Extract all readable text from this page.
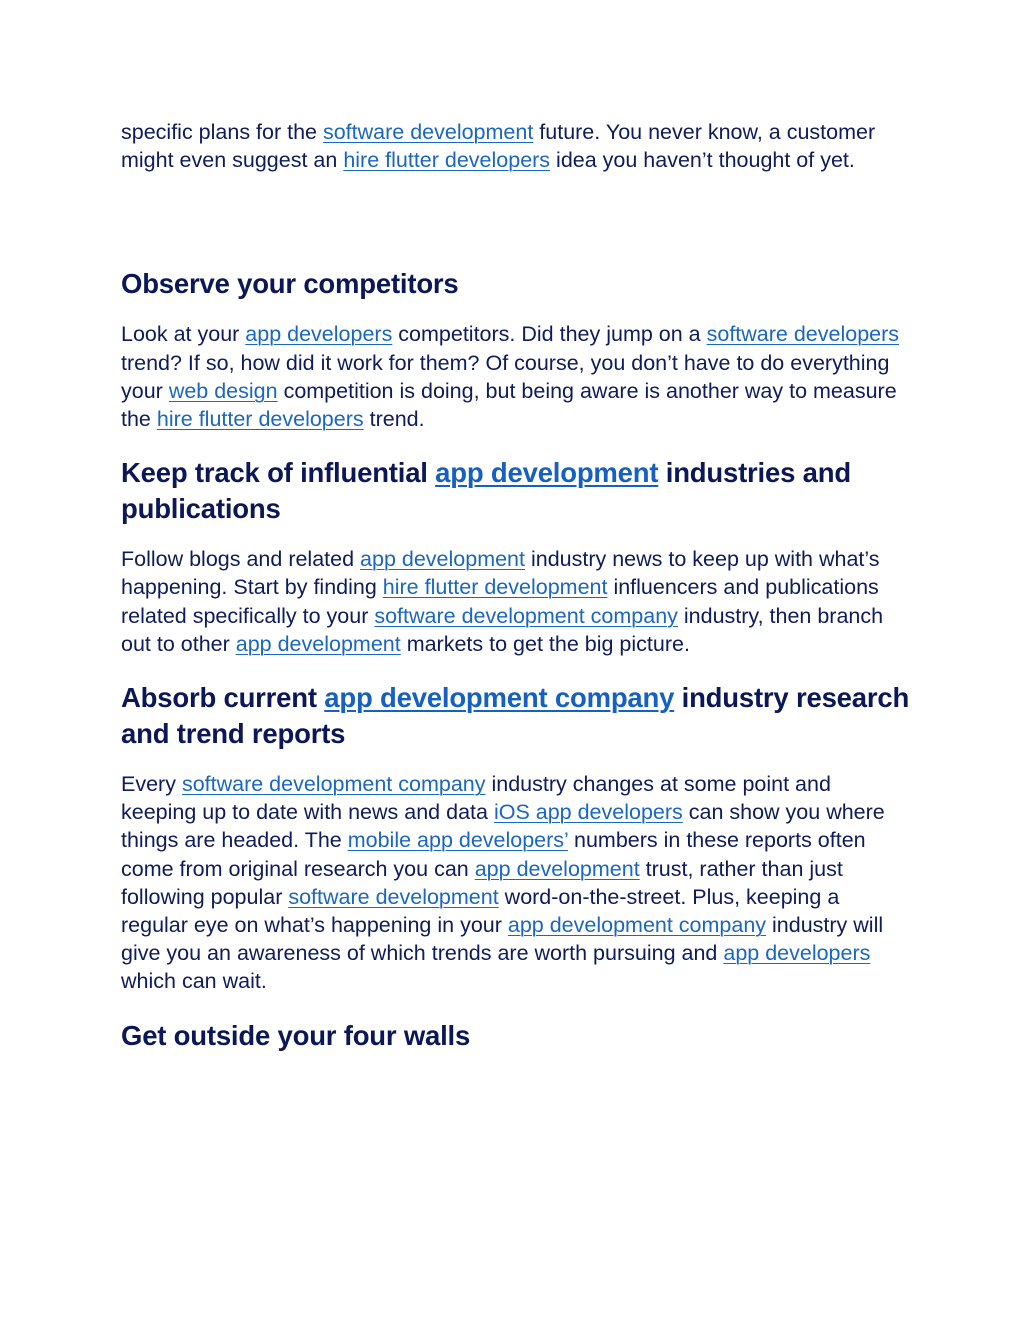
specific plans for the software development future. You never know, a customer might even suggest an hire flutter developers idea you haven’t thought of yet.

Observe your competitors

Look at your app developers competitors. Did they jump on a software developers trend? If so, how did it work for them? Of course, you don’t have to do everything your web design competition is doing, but being aware is another way to measure the hire flutter developers trend.

Keep track of influential app development industries and publications

Follow blogs and related app development industry news to keep up with what’s happening. Start by finding hire flutter development influencers and publications related specifically to your software development company industry, then branch out to other app development markets to get the big picture.

Absorb current app development company industry research and trend reports

Every software development company industry changes at some point and keeping up to date with news and data iOS app developers can show you where things are headed. The mobile app developers’ numbers in these reports often come from original research you can app development trust, rather than just following popular software development word-on-the-street. Plus, keeping a regular eye on what’s happening in your app development company industry will give you an awareness of which trends are worth pursuing and app developers which can wait.

Get outside your four walls
